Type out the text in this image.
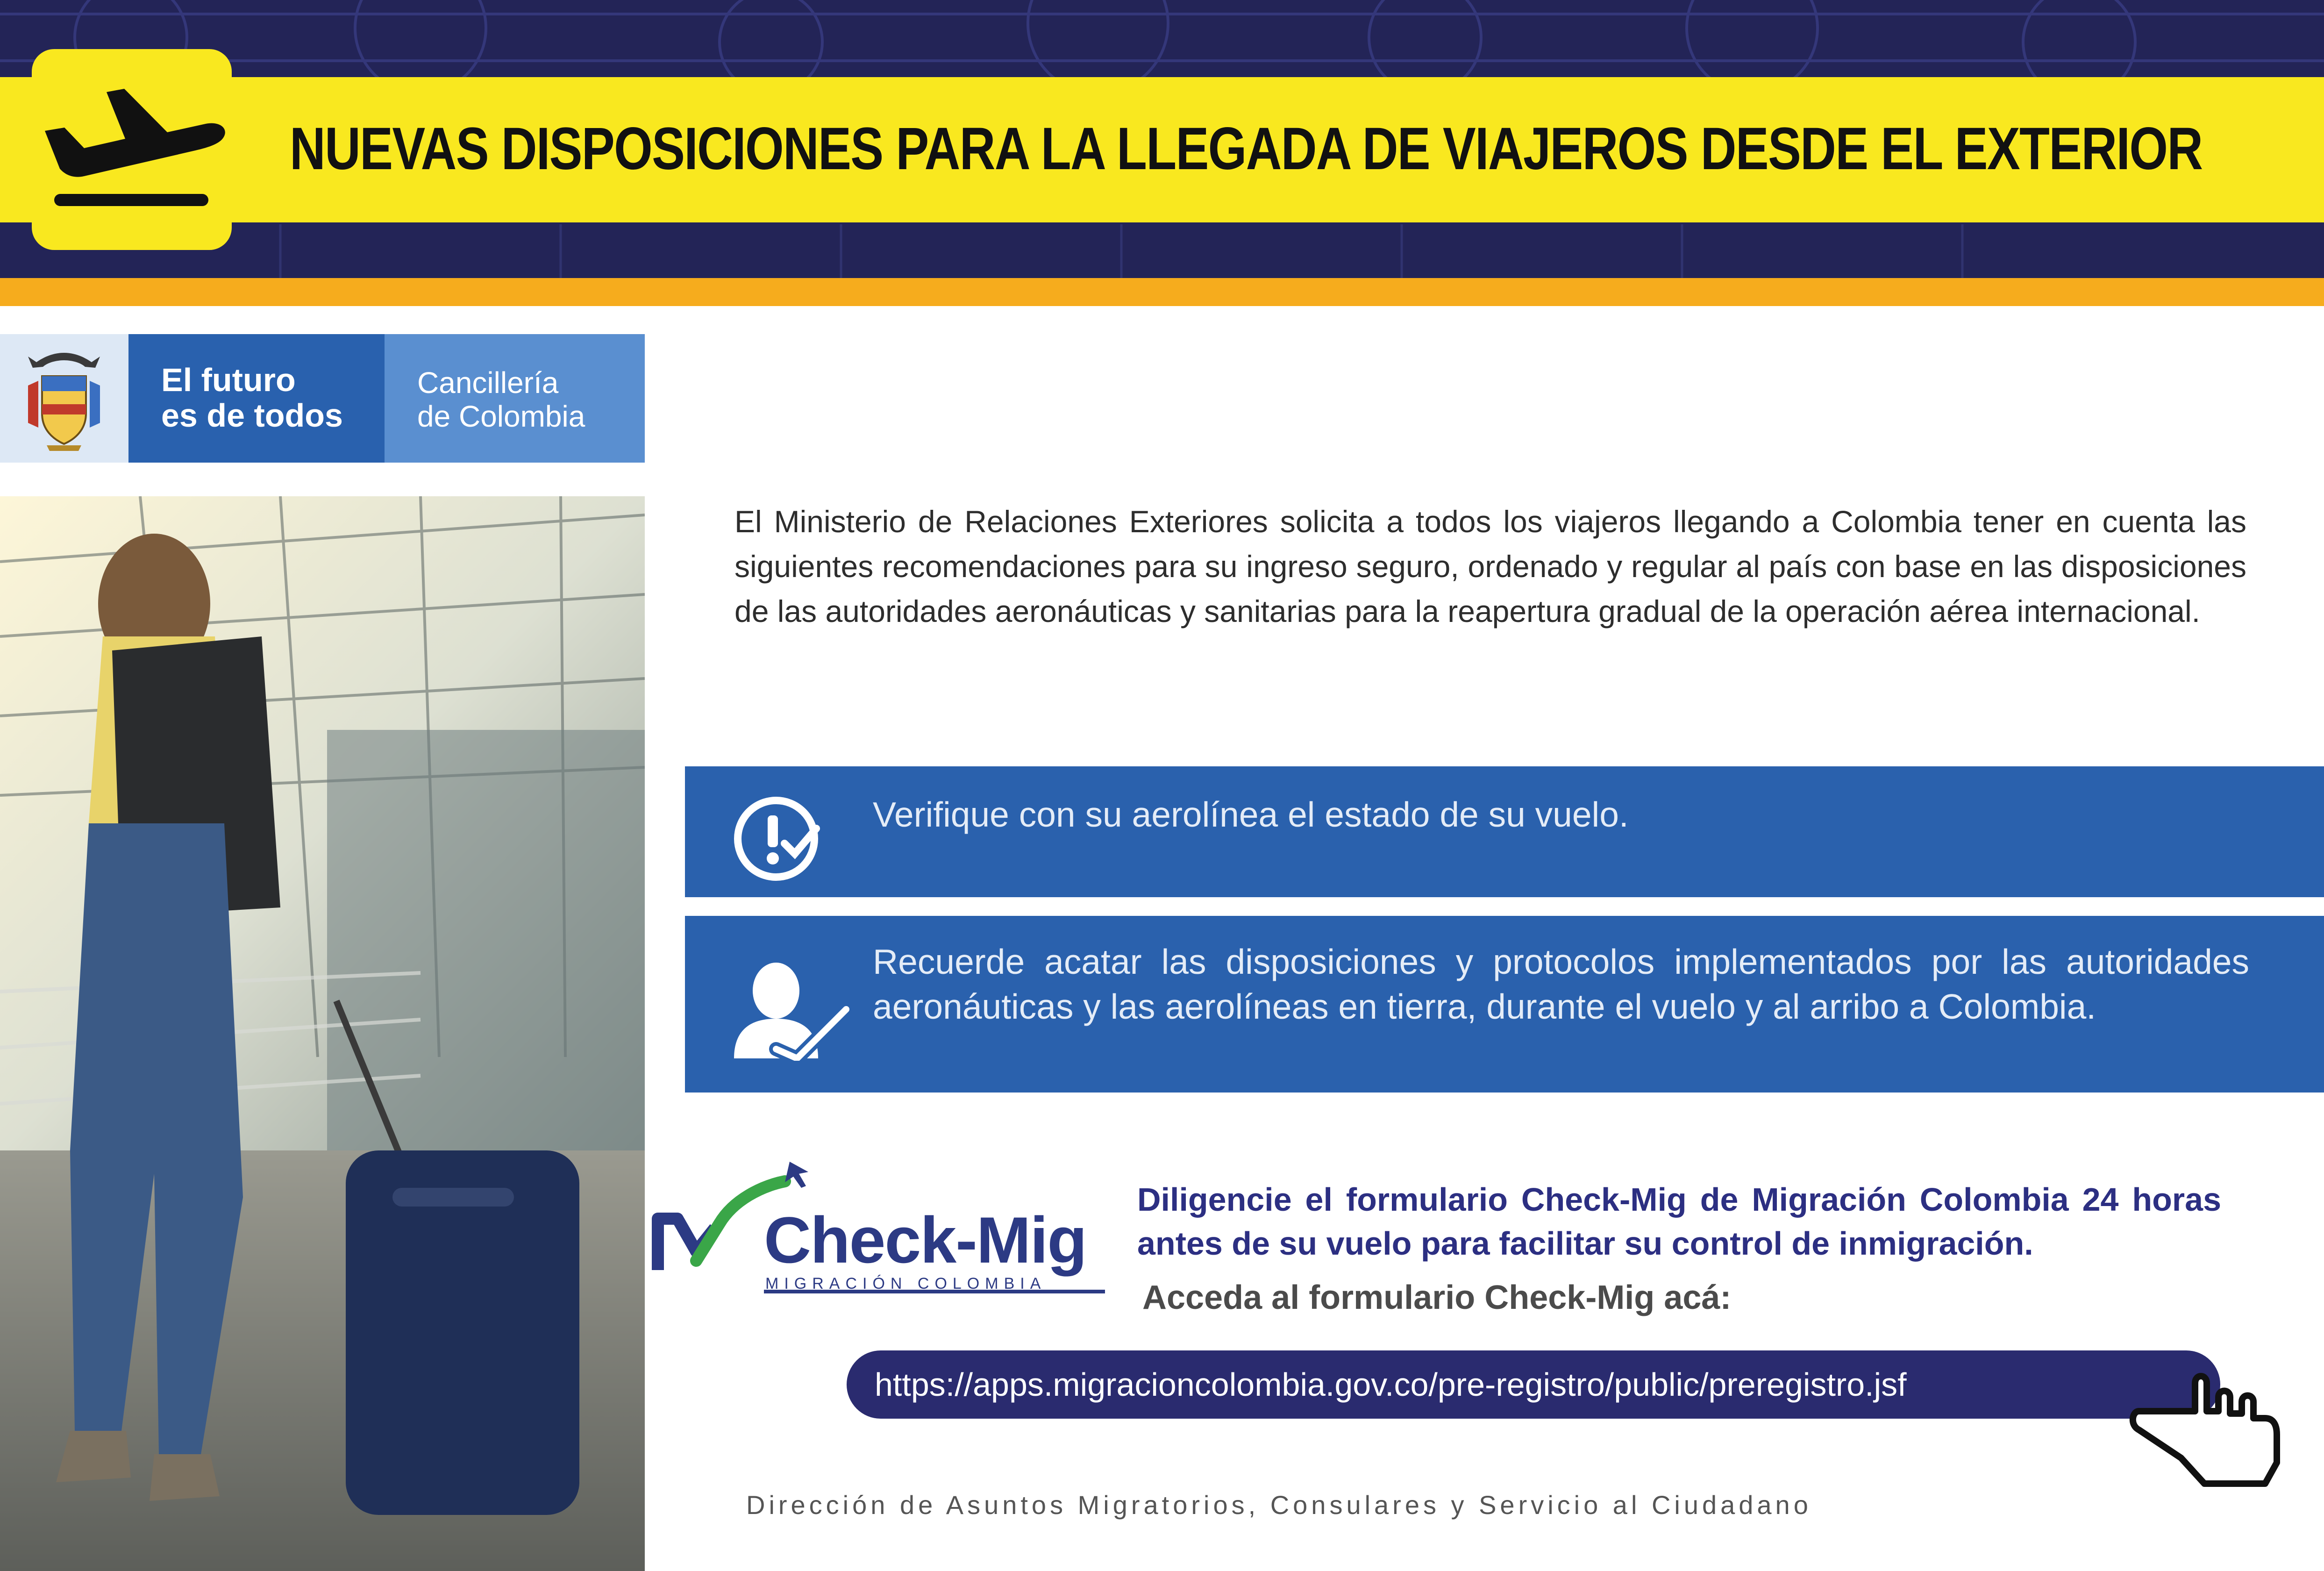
NUEVAS DISPOSICIONES PARA LA LLEGADA DE VIAJEROS DESDE EL EXTERIOR
El futuro
es de todos
Cancillería
de Colombia
El Ministerio de Relaciones Exteriores solicita a todos los viajeros llegando a Colombia tener en cuenta las siguientes recomendaciones para su ingreso seguro, ordenado y regular al país con base en las disposiciones de las autoridades aeronáuticas y sanitarias para la reapertura gradual de la operación aérea internacional.
Verifique con su aerolínea el estado de su vuelo.
Recuerde acatar las disposiciones y protocolos implementados por las autoridades aeronáuticas y las aerolíneas en tierra, durante el vuelo y al arribo a Colombia.
Check-Mig
MIGRACIÓN COLOMBIA
Diligencie el formulario Check-Mig de Migración Colombia 24 horas antes de su vuelo para facilitar su control de inmigración.
Acceda al formulario Check-Mig acá:
https://apps.migracioncolombia.gov.co/pre-registro/public/preregistro.jsf
Dirección de Asuntos Migratorios, Consulares y Servicio al Ciudadano
